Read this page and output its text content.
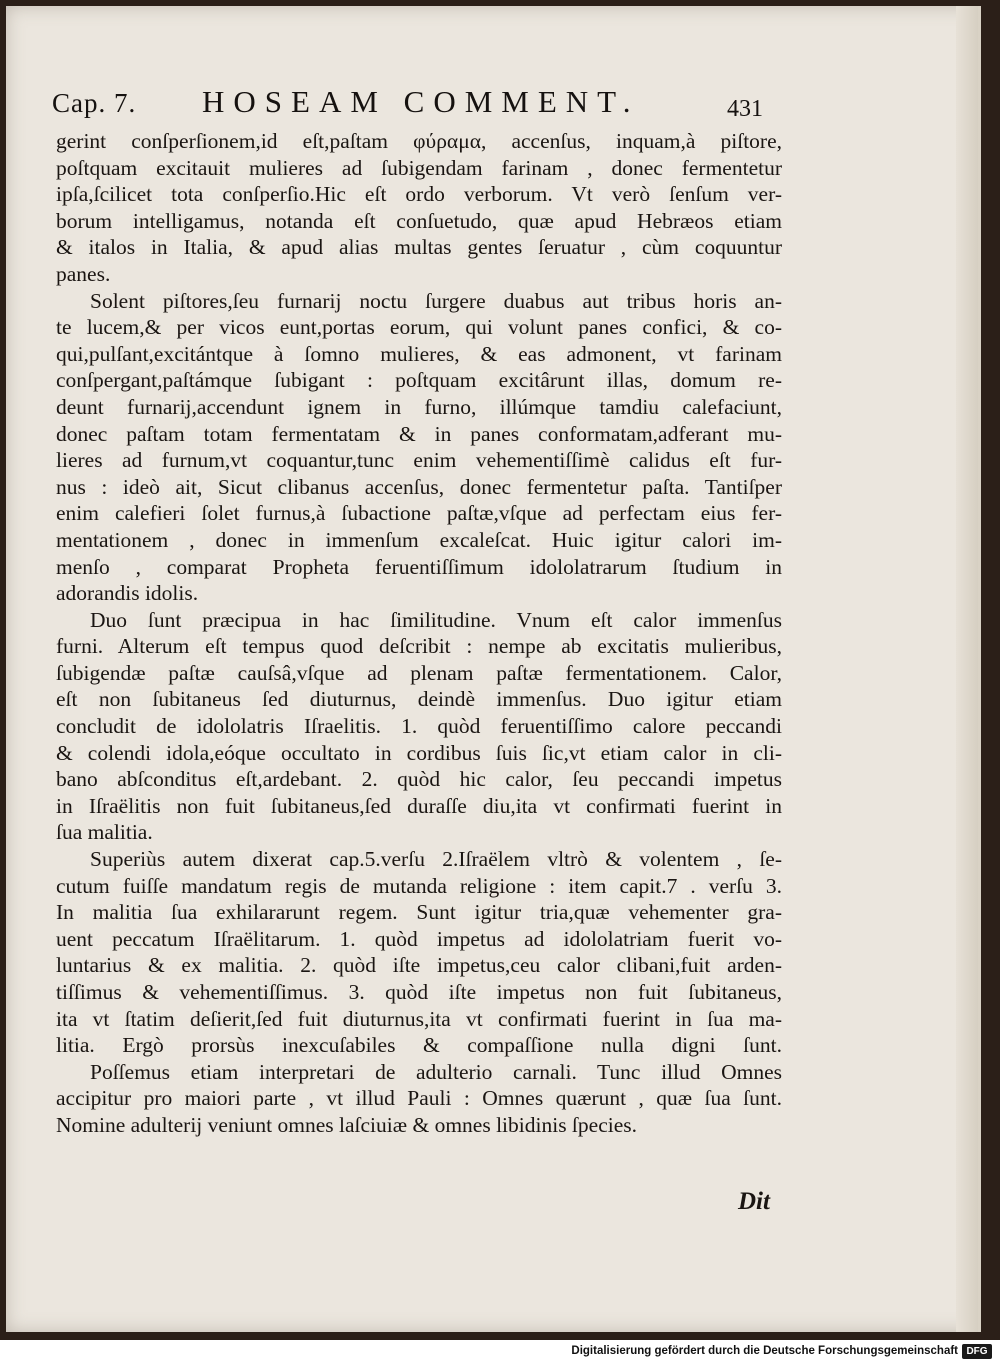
Cap. 7. HOSEAM COMMENT.	431
gerint conſperſionem,id eſt,paſtam φύραμα, accenſus, inquam,à piſtore,
poſtquam excitauit mulieres ad ſubigendam farinam , donec fermentetur
ipſa,ſcilicet tota conſperſio.Hic eſt ordo verborum. Vt verò ſenſum ver-
borum intelligamus, notanda eſt conſuetudo, quæ apud Hebræos etiam
& italos in Italia, & apud alias multas gentes ſeruatur , cùm coquuntur
panes.
Solent piſtores,ſeu furnarij noctu ſurgere duabus aut tribus horis an-
te lucem,& per vicos eunt,portas eorum, qui volunt panes confici, & co-
qui,pulſant,excitántque à ſomno mulieres, & eas admonent, vt farinam
conſpergant,paſtámque ſubigant : poſtquam excitârunt illas, domum re-
deunt furnarij,accendunt ignem in furno, illúmque tamdiu calefaciunt,
donec paſtam totam fermentatam & in panes conformatam,adferant mu-
lieres ad furnum,vt coquantur,tunc enim vehementiſſimè calidus eſt fur-
nus : ideò ait, Sicut clibanus accenſus, donec fermentetur paſta. Tantiſper
enim calefieri ſolet furnus,à ſubactione paſtæ,vſque ad perfectam eius fer-
mentationem , donec in immenſum excaleſcat. Huic igitur calori im-
menſo , comparat Propheta feruentiſſimum idololatrarum ſtudium in
adorandis idolis.
Duo ſunt præcipua in hac ſimilitudine. Vnum eſt calor immenſus
furni. Alterum eſt tempus quod deſcribit : nempe ab excitatis mulieribus,
ſubigendæ paſtæ cauſsâ,vſque ad plenam paſtæ fermentationem. Calor,
eſt non ſubitaneus ſed diuturnus, deindè immenſus. Duo igitur etiam
concludit de idololatris Iſraelitis. 1. quòd feruentiſſimo calore peccandi
& colendi idola,eóque occultato in cordibus ſuis ſic,vt etiam calor in cli-
bano abſconditus eſt,ardebant. 2. quòd hic calor, ſeu peccandi impetus
in Iſraëlitis non fuit ſubitaneus,ſed duraſſe diu,ita vt confirmati fuerint in
ſua malitia.
Superiùs autem dixerat cap.5.verſu 2.Iſraëlem vltrò & volentem , ſe-
cutum fuiſſe mandatum regis de mutanda religione : item capit.7 . verſu 3.
In malitia ſua exhilararunt regem. Sunt igitur tria,quæ vehementer gra-
uent peccatum Iſraëlitarum. 1. quòd impetus ad idololatriam fuerit vo-
luntarius & ex malitia. 2. quòd iſte impetus,ceu calor clibani,fuit arden-
tiſſimus & vehementiſſimus. 3. quòd iſte impetus non fuit ſubitaneus,
ita vt ſtatim deſierit,ſed fuit diuturnus,ita vt confirmati fuerint in ſua ma-
litia. Ergò prorsùs inexcuſabiles & compaſſione nulla digni ſunt.
Poſſemus etiam interpretari de adulterio carnali. Tunc illud Omnes
accipitur pro maiori parte , vt illud Pauli : Omnes quærunt , quæ ſua ſunt.
Nomine adulterij veniunt omnes laſciuiæ & omnes libidinis ſpecies.
Dit
Digitalisierung gefördert durch die Deutsche Forschungsgemeinschaft DFG
